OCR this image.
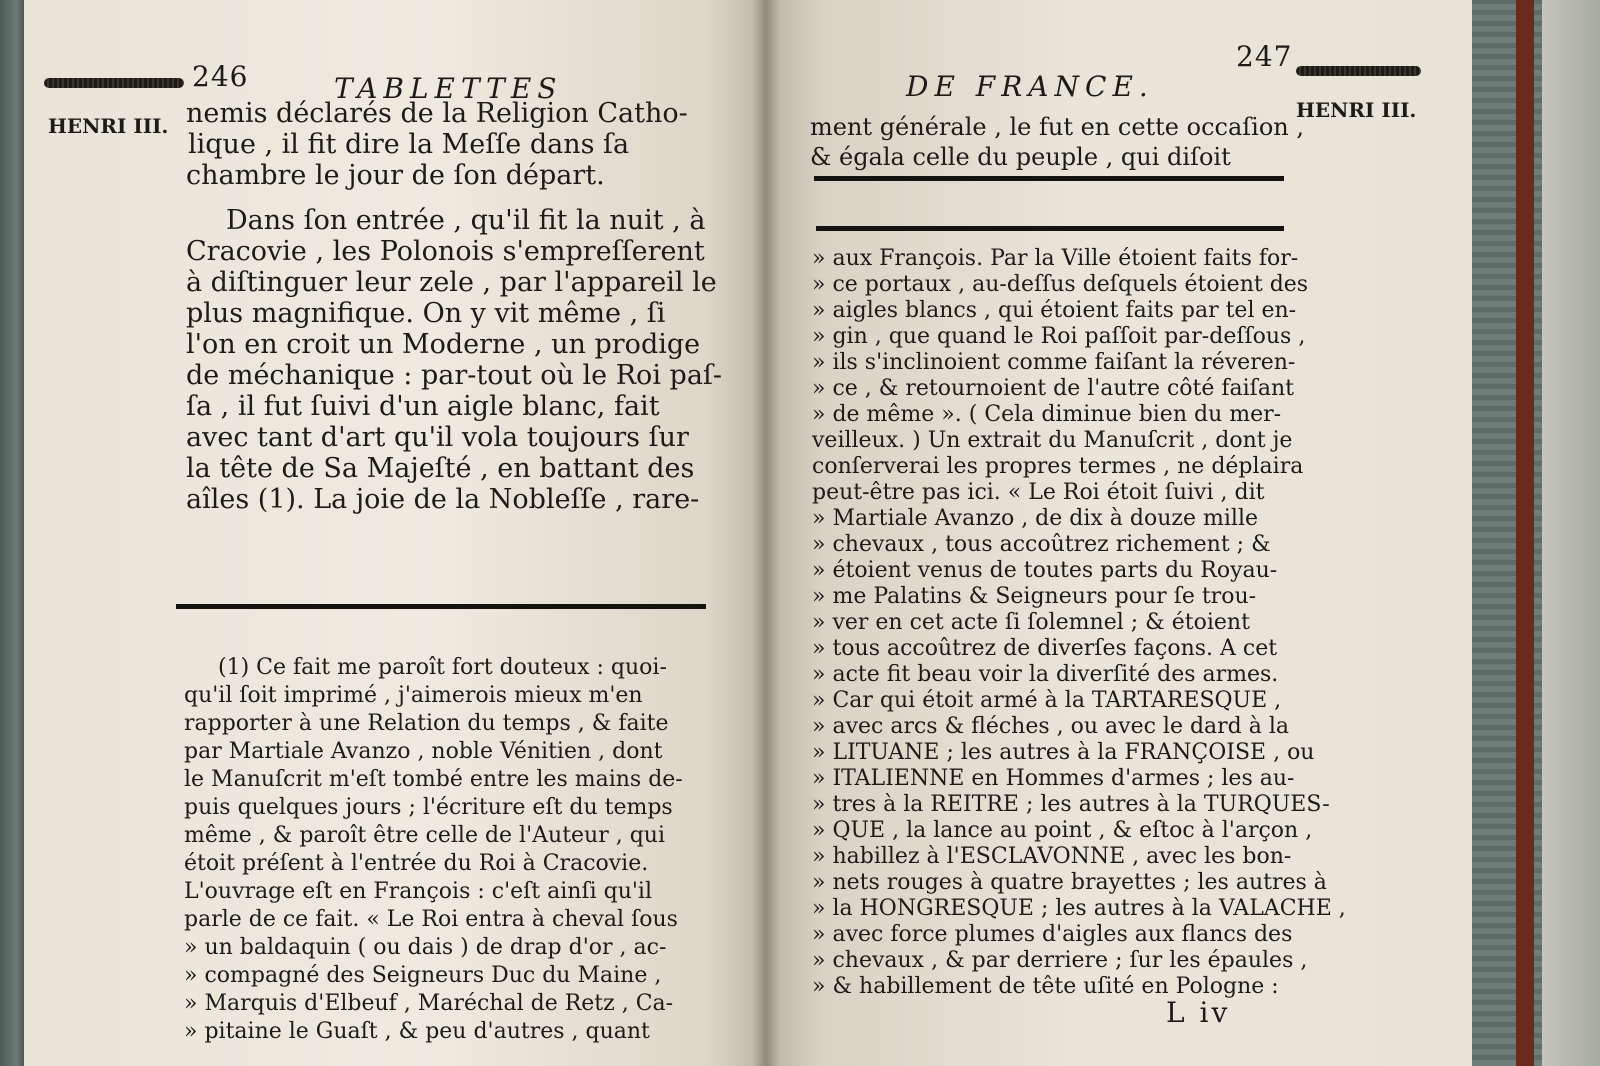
246	TABLETTES
HENRI III. nemis déclarés de la Religion Catho-

lique , il fit dire la Meſſe dans ſa

chambre le jour de ſon départ.

Dans ſon entrée , qu'il fit la nuit , à

Cracovie , les Polonois s'empreſſerent

à diſtinguer leur zele , par l'appareil le

plus magnifique. On y vit même , ſi

l'on en croit un Moderne , un prodige

de méchanique : par-tout où le Roi paſ-

ſa , il fut ſuivi d'un aigle blanc, fait

avec tant d'art qu'il vola toujours ſur

la tête de Sa Majeſté , en battant des

aîles (1). La joie de la Nobleſſe , rare-

(1) Ce fait me paroît fort douteux : quoi-

qu'il ſoit imprimé , j'aimerois mieux m'en

rapporter à une Relation du temps , & faite

par Martiale Avanzo , noble Vénitien , dont

le Manuſcrit m'eſt tombé entre les mains de-

puis quelques jours ; l'écriture eſt du temps

même , & paroît être celle de l'Auteur , qui

étoit préſent à l'entrée du Roi à Cracovie.

L'ouvrage eſt en François : c'eſt ainſi qu'il

parle de ce fait. « Le Roi entra à cheval ſous

» un baldaquin ( ou dais ) de drap d'or , ac-

» compagné des Seigneurs Duc du Maine ,

» Marquis d'Elbeuf , Maréchal de Retz , Ca-

» pitaine le Guaſt , & peu d'autres , quant

DE FRANCE.
247
HENRI III.

ment générale , le fut en cette occaſion ,

& égala celle du peuple , qui diſoit

» aux François. Par la Ville étoient faits for-

» ce portaux , au-deſſus deſquels étoient des

» aigles blancs , qui étoient faits par tel en-

» gin , que quand le Roi paſſoit par-deſſous ,

» ils s'inclinoient comme faiſant la réveren-

» ce , & retournoient de l'autre côté faiſant

» de même ». ( Cela diminue bien du mer-

veilleux. ) Un extrait du Manuſcrit , dont je

conſerverai les propres termes , ne déplaira

peut-être pas ici. « Le Roi étoit ſuivi , dit

» Martiale Avanzo , de dix à douze mille

» chevaux , tous accoûtrez richement ; &

» étoient venus de toutes parts du Royau-

» me Palatins & Seigneurs pour ſe trou-

» ver en cet acte ſi ſolemnel ; & étoient

» tous accoûtrez de diverſes façons. A cet

» acte fit beau voir la diverſité des armes.

» Car qui étoit armé à la TARTARESQUE ,

» avec arcs & fléches , ou avec le dard à la

» LITUANE ; les autres à la FRANÇOISE , ou

» ITALIENNE en Hommes d'armes ; les au-

» tres à la REITRE ; les autres à la TURQUES-

» QUE , la lance au point , & eſtoc à l'arçon ,

» habillez à l'ESCLAVONNE , avec les bon-

» nets rouges à quatre brayettes ; les autres à

» la HONGRESQUE ; les autres à la VALACHE ,

» avec force plumes d'aigles aux flancs des

» chevaux , & par derriere ; ſur les épaules ,

» & habillement de tête uſité en Pologne :

L iv
